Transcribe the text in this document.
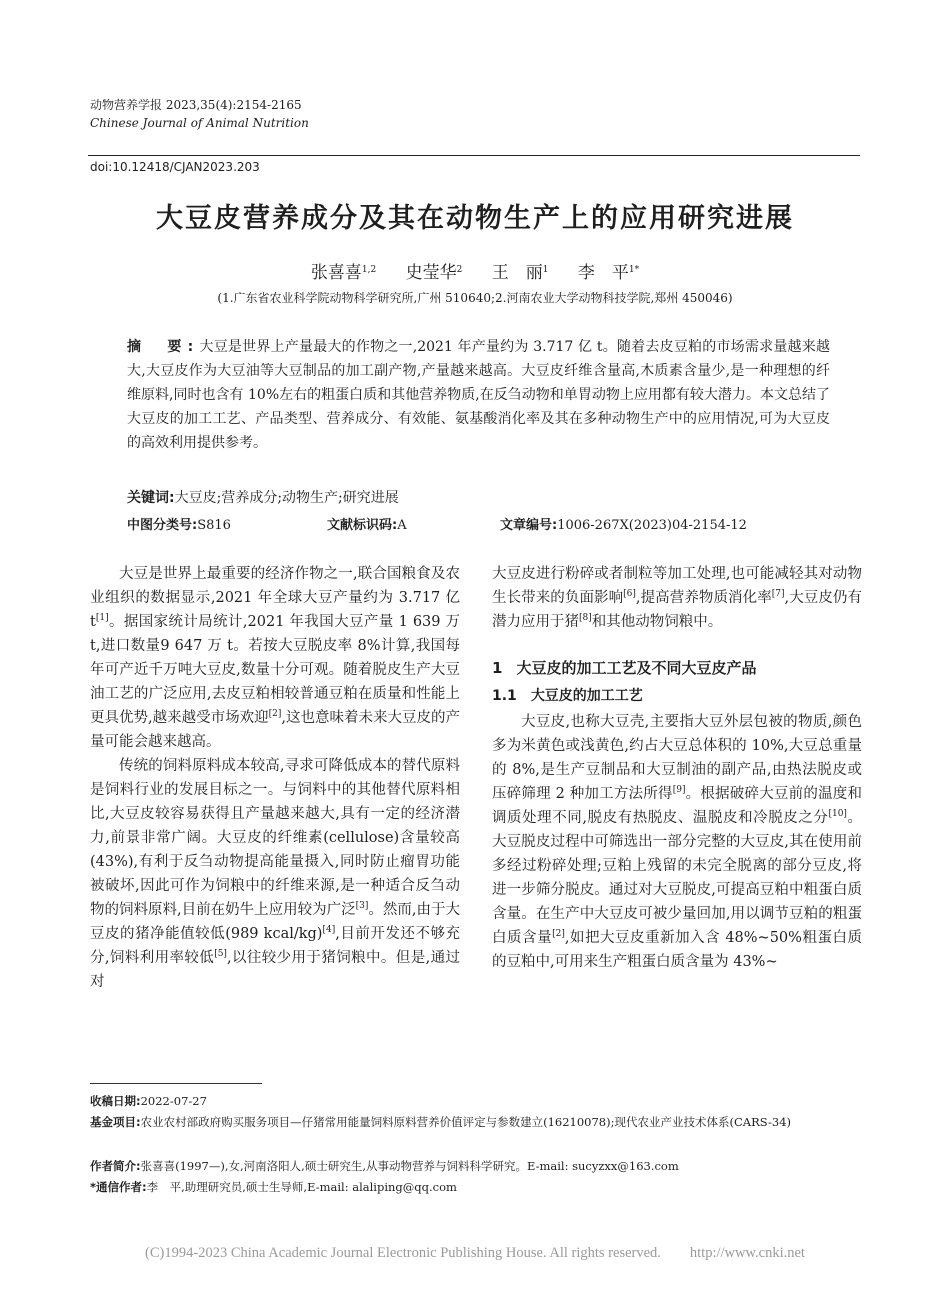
动物营养学报 2023,35(4):2154-2165
Chinese Journal of Animal Nutrition
doi:10.12418/CJAN2023.203
大豆皮营养成分及其在动物生产上的应用研究进展
张喜喜$^{1,2}$ 史莹华$^2$ 王　丽$^1$ 李　平$^{1*}$
(1.广东省农业科学院动物科学研究所,广州 510640;2.河南农业大学动物科技学院,郑州 450046)
摘　要:大豆是世界上产量最大的作物之一,2021 年产量约为 3.717 亿 t。随着去皮豆粕的市场需求量越来越大,大豆皮作为大豆油等大豆制品的加工副产物,产量越来越高。大豆皮纤维含量高,木质素含量少,是一种理想的纤维原料,同时也含有 10%左右的粗蛋白质和其他营养物质,在反刍动物和单胃动物上应用都有较大潜力。本文总结了大豆皮的加工工艺、产品类型、营养成分、有效能、氨基酸消化率及其在多种动物生产中的应用情况,可为大豆皮的高效利用提供参考。
关键词:大豆皮;营养成分;动物生产;研究进展
中图分类号:S816	文献标识码:A	文章编号:1006-267X(2023)04-2154-12

大豆是世界上最重要的经济作物之一,联合国粮食及农业组织的数据显示,2021 年全球大豆产量约为 3.717 亿 t[1]。据国家统计局统计,2021 年我国大豆产量 1 639 万 t,进口数量9 647 万 t。若按大豆脱皮率 8%计算,我国每年可产近千万吨大豆皮,数量十分可观。随着脱皮生产大豆油工艺的广泛应用,去皮豆粕相较普通豆粕在质量和性能上更具优势,越来越受市场欢迎[2],这也意味着未来大豆皮的产量可能会越来越高。

传统的饲料原料成本较高,寻求可降低成本的替代原料是饲料行业的发展目标之一。与饲料中的其他替代原料相比,大豆皮较容易获得且产量越来越大,具有一定的经济潜力,前景非常广阔。大豆皮的纤维素(cellulose)含量较高(43%),有利于反刍动物提高能量摄入,同时防止瘤胃功能被破坏,因此可作为饲粮中的纤维来源,是一种适合反刍动物的饲料原料,目前在奶牛上应用较为广泛[3]。然而,由于大豆皮的猪净能值较低(989 kcal/kg)[4],目前开发还不够充分,饲料利用率较低[5],以往较少用于猪饲粮中。但是,通过对

大豆皮进行粉碎或者制粒等加工处理,也可能减轻其对动物生长带来的负面影响[6],提高营养物质消化率[7],大豆皮仍有潜力应用于猪[8]和其他动物饲粮中。

1 大豆皮的加工工艺及不同大豆皮产品
1.1 大豆皮的加工工艺

大豆皮,也称大豆壳,主要指大豆外层包被的物质,颜色多为米黄色或浅黄色,约占大豆总体积的 10%,大豆总重量的 8%,是生产豆制品和大豆制油的副产品,由热法脱皮或压碎筛理 2 种加工方法所得[9]。根据破碎大豆前的温度和调质处理不同,脱皮有热脱皮、温脱皮和冷脱皮之分[10]。大豆脱皮过程中可筛选出一部分完整的大豆皮,其在使用前多经过粉碎处理;豆粕上残留的未完全脱离的部分豆皮,将进一步筛分脱皮。通过对大豆脱皮,可提高豆粕中粗蛋白质含量。在生产中大豆皮可被少量回加,用以调节豆粕的粗蛋白质含量[2],如把大豆皮重新加入含 48%~50%粗蛋白质的豆粕中,可用来生产粗蛋白质含量为 43%~

收稿日期:2022-07-27
基金项目:农业农村部政府购买服务项目—仔猪常用能量饲料原料营养价值评定与参数建立(16210078);现代农业产业技术体系(CARS-34)
作者简介:张喜喜(1997—),女,河南洛阳人,硕士研究生,从事动物营养与饲料科学研究。E-mail: sucyzxx@163.com
*通信作者:李　平,助理研究员,硕士生导师,E-mail: alaliping@qq.com
(C)1994-2023 China Academic Journal Electronic Publishing House. All rights reserved.　　http://www.cnki.net
